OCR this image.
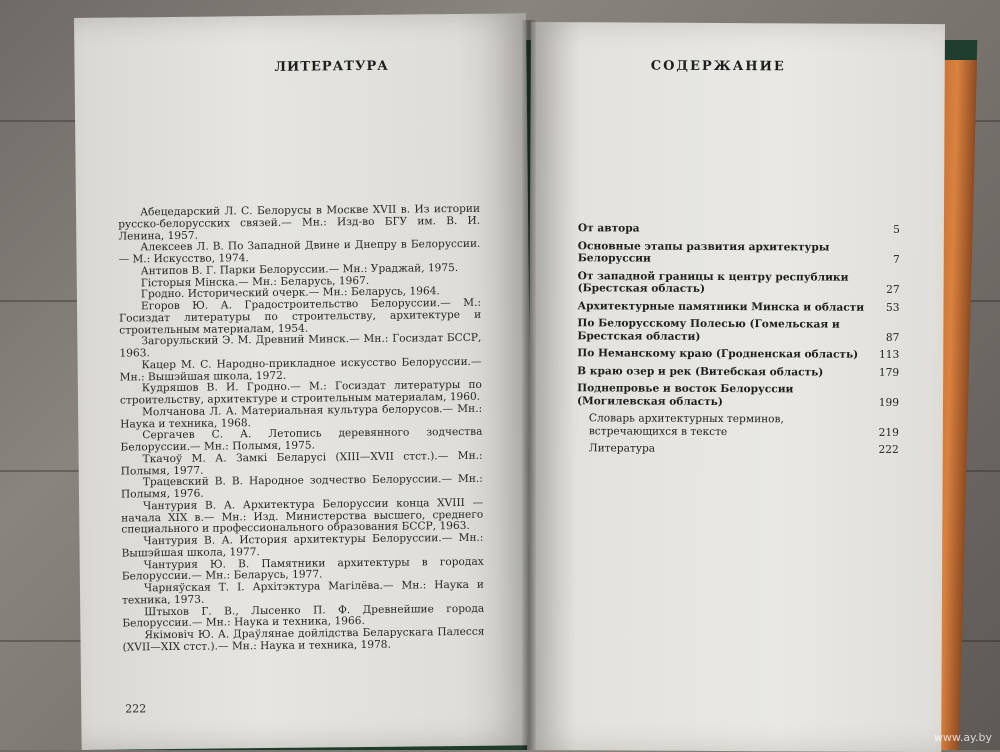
ЛИТЕРАТУРА
Абецедарский Л. С. Белорусы в Москве XVII в. Из истории русско-белорусских связей.— Мн.: Изд-во БГУ им. В. И. Ленина, 1957.
Алексеев Л. В. По Западной Двине и Днепру в Белоруссии.— М.: Искусство, 1974.
Антипов В. Г. Парки Белоруссии.— Мн.: Ураджай, 1975.
Гісторыя Мінска.— Мн.: Беларусь, 1967.
Гродно. Исторический очерк.— Мн.: Беларусь, 1964.
Егоров Ю. А. Градостроительство Белоруссии.— М.: Госиздат литературы по строительству, архитектуре и строительным материалам, 1954.
Загорульский Э. М. Древний Минск.— Мн.: Госиздат БССР, 1963.
Кацер М. С. Народно-прикладное искусство Белоруссии.— Мн.: Вышэйшая школа, 1972.
Кудряшов В. И. Гродно.— М.: Госиздат литературы по строительству, архитектуре и строительным материалам, 1960.
Молчанова Л. А. Материальная культура белорусов.— Мн.: Наука и техника, 1968.
Сергачев С. А. Летопись деревянного зодчества Белоруссии.— Мн.: Полымя, 1975.
Ткачоў М. А. Замкі Беларусі (XIII—XVII стст.).— Мн.: Полымя, 1977.
Трацевский В. В. Народное зодчество Белоруссии.— Мн.: Полымя, 1976.
Чантурия В. А. Архитектура Белоруссии конца XVIII — начала XIX в.— Мн.: Изд. Министерства высшего, среднего специального и профессионального образования БССР, 1963.
Чантурия В. А. История архитектуры Белоруссии.— Мн.: Вышэйшая школа, 1977.
Чантурия Ю. В. Памятники архитектуры в городах Белоруссии.— Мн.: Беларусь, 1977.
Чарняўская Т. І. Архітэктура Магілёва.— Мн.: Наука и техника, 1973.
Штыхов Г. В., Лысенко П. Ф. Древнейшие города Белоруссии.— Мн.: Наука и техника, 1966.
Якімовіч Ю. А. Драўлянае дойлідства Беларускага Палесся (XVII—XIX стст.).— Мн.: Наука и техника, 1978.
222
СОДЕРЖАНИЕ
От автора	5
Основные этапы развития архитектуры Белоруссии	7
От западной границы к центру республики (Брестская область)	27
Архитектурные памятники Минска и области	53
По Белорусскому Полесью (Гомельская и Брестская области)	87
По Неманскому краю (Гродненская область)	113
В краю озер и рек (Витебская область)	179
Поднепровье и восток Белоруссии (Могилевская область)	199
Словарь архитектурных терминов, встречающихся в тексте	219
Литература	222
www.ay.by
